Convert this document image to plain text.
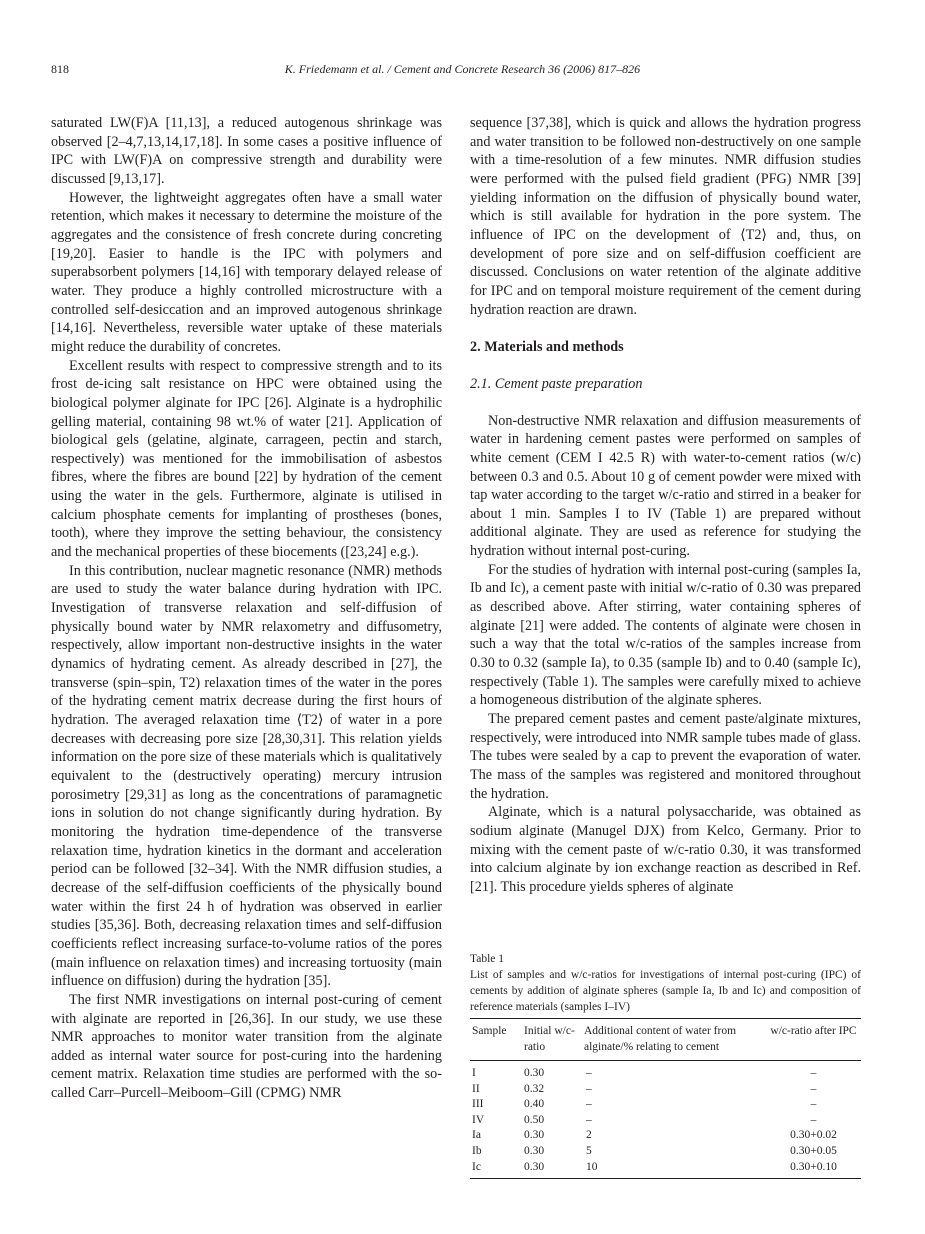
818	K. Friedemann et al. / Cement and Concrete Research 36 (2006) 817–826

saturated LW(F)A [11,13], a reduced autogenous shrinkage was observed [2–4,7,13,14,17,18]. In some cases a positive influence of IPC with LW(F)A on compressive strength and durability were discussed [9,13,17].

However, the lightweight aggregates often have a small water retention, which makes it necessary to determine the moisture of the aggregates and the consistence of fresh concrete during concreting [19,20]. Easier to handle is the IPC with polymers and superabsorbent polymers [14,16] with temporary delayed release of water. They produce a highly controlled microstructure with a controlled self-desiccation and an improved autogenous shrinkage [14,16]. Nevertheless, reversible water uptake of these materials might reduce the durability of concretes.

Excellent results with respect to compressive strength and to its frost de-icing salt resistance on HPC were obtained using the biological polymer alginate for IPC [26]. Alginate is a hydrophilic gelling material, containing 98 wt.% of water [21]. Application of biological gels (gelatine, alginate, carrageen, pectin and starch, respectively) was mentioned for the immobilisation of asbestos fibres, where the fibres are bound [22] by hydration of the cement using the water in the gels. Furthermore, alginate is utilised in calcium phosphate cements for implanting of prostheses (bones, tooth), where they improve the setting behaviour, the consistency and the mechanical properties of these biocements ([23,24] e.g.).

In this contribution, nuclear magnetic resonance (NMR) methods are used to study the water balance during hydration with IPC. Investigation of transverse relaxation and self-diffusion of physically bound water by NMR relaxometry and diffusometry, respectively, allow important non-destructive insights in the water dynamics of hydrating cement. As already described in [27], the transverse (spin–spin, T2) relaxation times of the water in the pores of the hydrating cement matrix decrease during the first hours of hydration. The averaged relaxation time ⟨T2⟩ of water in a pore decreases with decreasing pore size [28,30,31]. This relation yields information on the pore size of these materials which is qualitatively equivalent to the (destructively operating) mercury intrusion porosimetry [29,31] as long as the concentrations of paramagnetic ions in solution do not change significantly during hydration. By monitoring the hydration time-dependence of the transverse relaxation time, hydration kinetics in the dormant and acceleration period can be followed [32–34]. With the NMR diffusion studies, a decrease of the self-diffusion coefficients of the physically bound water within the first 24 h of hydration was observed in earlier studies [35,36]. Both, decreasing relaxation times and self-diffusion coefficients reflect increasing surface-to-volume ratios of the pores (main influence on relaxation times) and increasing tortuosity (main influence on diffusion) during the hydration [35].

The first NMR investigations on internal post-curing of cement with alginate are reported in [26,36]. In our study, we use these NMR approaches to monitor water transition from the alginate added as internal water source for post-curing into the hardening cement matrix. Relaxation time studies are performed with the so-called Carr–Purcell–Meiboom–Gill (CPMG) NMR

sequence [37,38], which is quick and allows the hydration progress and water transition to be followed non-destructively on one sample with a time-resolution of a few minutes. NMR diffusion studies were performed with the pulsed field gradient (PFG) NMR [39] yielding information on the diffusion of physically bound water, which is still available for hydration in the pore system. The influence of IPC on the development of ⟨T2⟩ and, thus, on development of pore size and on self-diffusion coefficient are discussed. Conclusions on water retention of the alginate additive for IPC and on temporal moisture requirement of the cement during hydration reaction are drawn.

2. Materials and methods
2.1. Cement paste preparation

Non-destructive NMR relaxation and diffusion measurements of water in hardening cement pastes were performed on samples of white cement (CEM I 42.5 R) with water-to-cement ratios (w/c) between 0.3 and 0.5. About 10 g of cement powder were mixed with tap water according to the target w/c-ratio and stirred in a beaker for about 1 min. Samples I to IV (Table 1) are prepared without additional alginate. They are used as reference for studying the hydration without internal post-curing.

For the studies of hydration with internal post-curing (samples Ia, Ib and Ic), a cement paste with initial w/c-ratio of 0.30 was prepared as described above. After stirring, water containing spheres of alginate [21] were added. The contents of alginate were chosen in such a way that the total w/c-ratios of the samples increase from 0.30 to 0.32 (sample Ia), to 0.35 (sample Ib) and to 0.40 (sample Ic), respectively (Table 1). The samples were carefully mixed to achieve a homogeneous distribution of the alginate spheres.

The prepared cement pastes and cement paste/alginate mixtures, respectively, were introduced into NMR sample tubes made of glass. The tubes were sealed by a cap to prevent the evaporation of water. The mass of the samples was registered and monitored throughout the hydration.

Alginate, which is a natural polysaccharide, was obtained as sodium alginate (Manugel DJX) from Kelco, Germany. Prior to mixing with the cement paste of w/c-ratio 0.30, it was transformed into calcium alginate by ion exchange reaction as described in Ref. [21]. This procedure yields spheres of alginate

Table 1
List of samples and w/c-ratios for investigations of internal post-curing (IPC) of cements by addition of alginate spheres (sample Ia, Ib and Ic) and composition of reference materials (samples I–IV)
Sample	Initial w/c-ratio	Additional content of water from alginate/% relating to cement	w/c-ratio after IPC
I	0.30	–	–
II	0.32	–	–
III	0.40	–	–
IV	0.50	–	–
Ia	0.30	2	0.30+0.02
Ib	0.30	5	0.30+0.05
Ic	0.30	10	0.30+0.10
